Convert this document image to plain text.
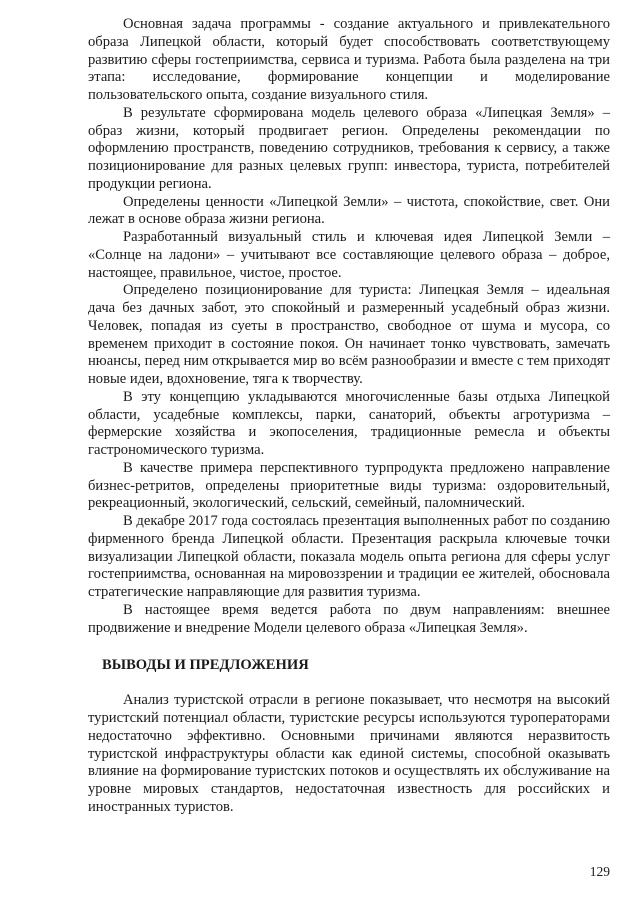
Основная задача программы - создание актуального и привлекательного образа Липецкой области, который будет способствовать соответствующему развитию сферы гостеприимства, сервиса и туризма. Работа была разделена на три этапа: исследование, формирование концепции и моделирование пользовательского опыта, создание визуального стиля.

В результате сформирована модель целевого образа «Липецкая Земля» – образ жизни, который продвигает регион. Определены рекомендации по оформлению пространств, поведению сотрудников, требования к сервису, а также позиционирование для разных целевых групп: инвестора, туриста, потребителей продукции региона.

Определены ценности «Липецкой Земли» – чистота, спокойствие, свет. Они лежат в основе образа жизни региона.

Разработанный визуальный стиль и ключевая идея Липецкой Земли – «Солнце на ладони» – учитывают все составляющие целевого образа – доброе, настоящее, правильное, чистое, простое.

Определено позиционирование для туриста: Липецкая Земля – идеальная дача без дачных забот, это спокойный и размеренный усадебный образ жизни. Человек, попадая из суеты в пространство, свободное от шума и мусора, со временем приходит в состояние покоя. Он начинает тонко чувствовать, замечать нюансы, перед ним открывается мир во всём разнообразии и вместе с тем приходят новые идеи, вдохновение, тяга к творчеству.

В эту концепцию укладываются многочисленные базы отдыха Липецкой области, усадебные комплексы, парки, санаторий, объекты агротуризма – фермерские хозяйства и экопоселения, традиционные ремесла и объекты гастрономического туризма.

В качестве примера перспективного турпродукта предложено направление бизнес-ретритов, определены приоритетные виды туризма: оздоровительный, рекреационный, экологический, сельский, семейный, паломнический.

В декабре 2017 года состоялась презентация выполненных работ по созданию фирменного бренда Липецкой области. Презентация раскрыла ключевые точки визуализации Липецкой области, показала модель опыта региона для сферы услуг гостеприимства, основанная на мировоззрении и традиции ее жителей, обосновала стратегические направляющие для развития туризма.

В настоящее время ведется работа по двум направлениям: внешнее продвижение и внедрение Модели целевого образа «Липецкая Земля».

ВЫВОДЫ И ПРЕДЛОЖЕНИЯ

Анализ туристской отрасли в регионе показывает, что несмотря на высокий туристский потенциал области, туристские ресурсы используются туроператорами недостаточно эффективно. Основными причинами являются неразвитость туристской инфраструктуры области как единой системы, способной оказывать влияние на формирование туристских потоков и осуществлять их обслуживание на уровне мировых стандартов, недостаточная известность для российских и иностранных туристов.

129
